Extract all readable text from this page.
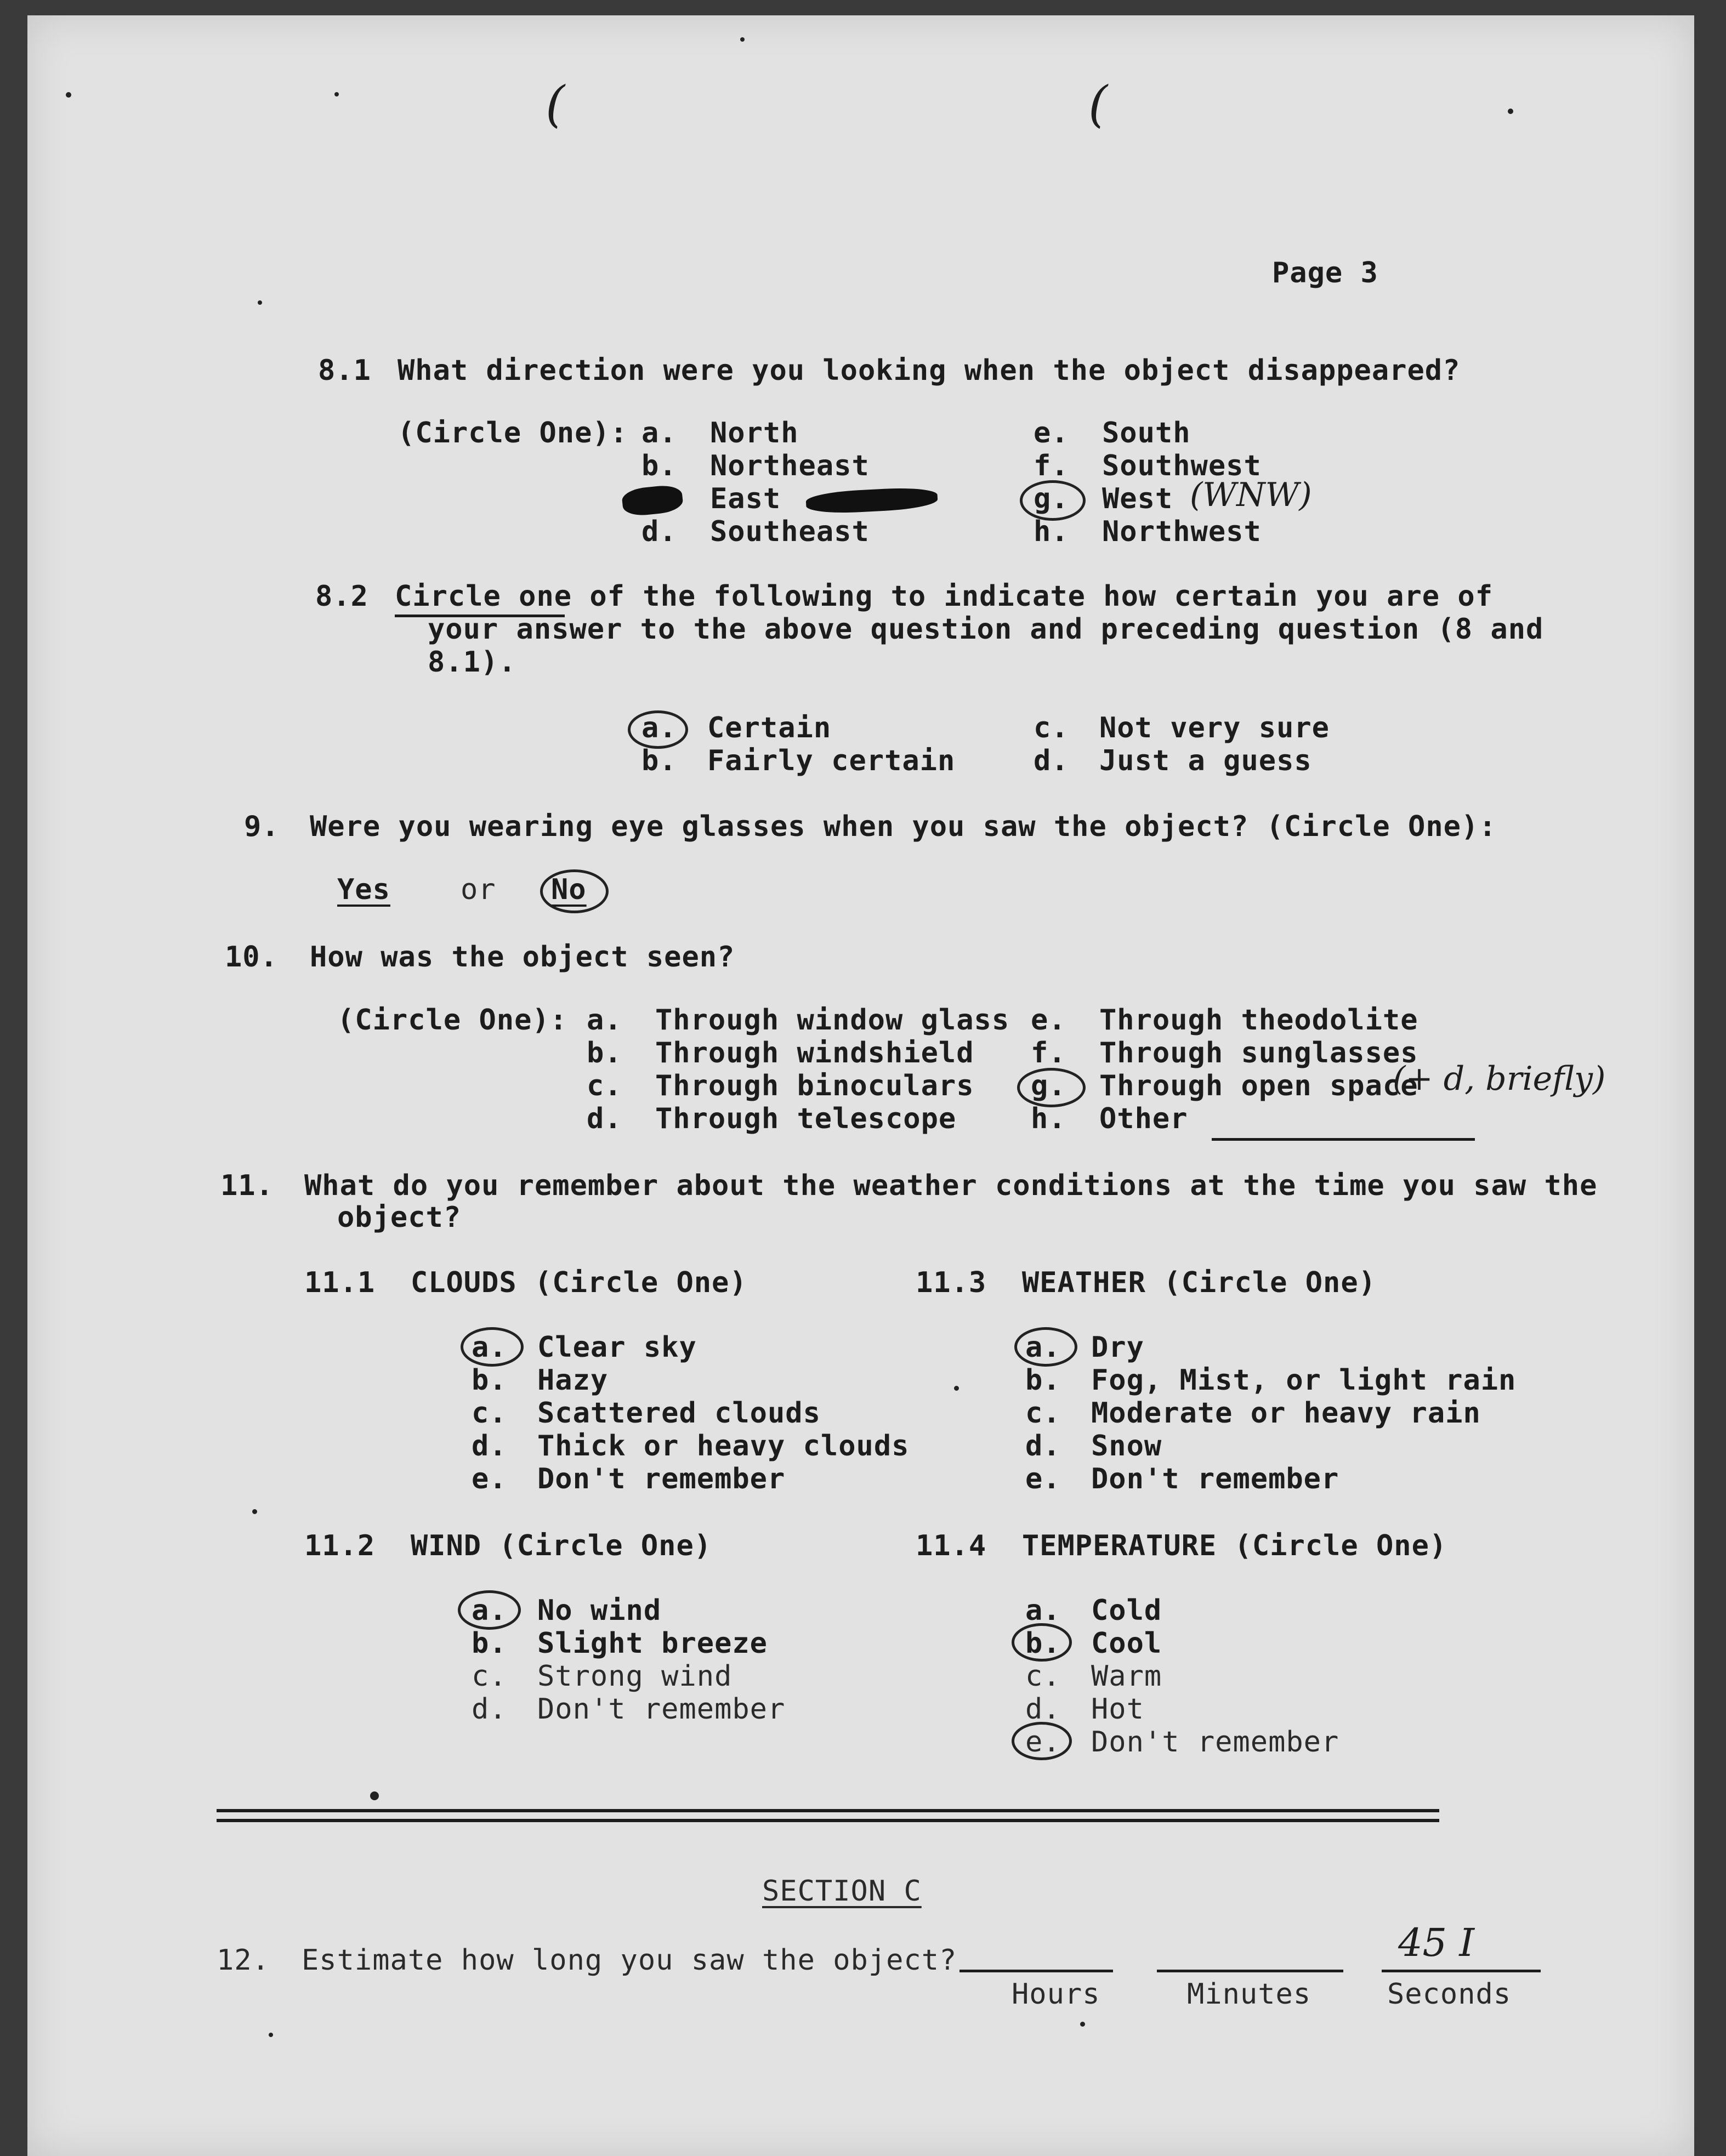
(	(
Page 3
8.1 What direction were you looking when the object disappeared?
(Circle One): a. North
b. Northeast
East
d. Southeast
e. South
f. Southwest
g. West (WNW)
h. Northwest
8.2 Circle one of the following to indicate how certain you are of
your answer to the above question and preceding question (8 and
8.1).
a. Certain
b. Fairly certain
c. Not very sure
d. Just a guess
9. Were you wearing eye glasses when you saw the object? (Circle One):
Yes or No
10. How was the object seen?
(Circle One): a. Through window glass
b. Through windshield
c. Through binoculars
d. Through telescope
e. Through theodolite
f. Through sunglasses
g. Through open space
(+ d, briefly)
h. Other
11. What do you remember about the weather conditions at the time you saw the
object?
11.1  CLOUDS (Circle One)
a. Clear sky
b. Hazy
c. Scattered clouds
d. Thick or heavy clouds
e. Don't remember
11.3  WEATHER (Circle One)
a. Dry
b. Fog, Mist, or light rain
c. Moderate or heavy rain
d. Snow
e. Don't remember
11.2  WIND (Circle One)
a. No wind
b. Slight breeze
c. Strong wind
d. Don't remember
11.4  TEMPERATURE (Circle One)
a. Cold
b. Cool
c. Warm
d. Hot
e. Don't remember
SECTION C
12. Estimate how long you saw the object?
Hours	Minutes
45 I
Seconds
